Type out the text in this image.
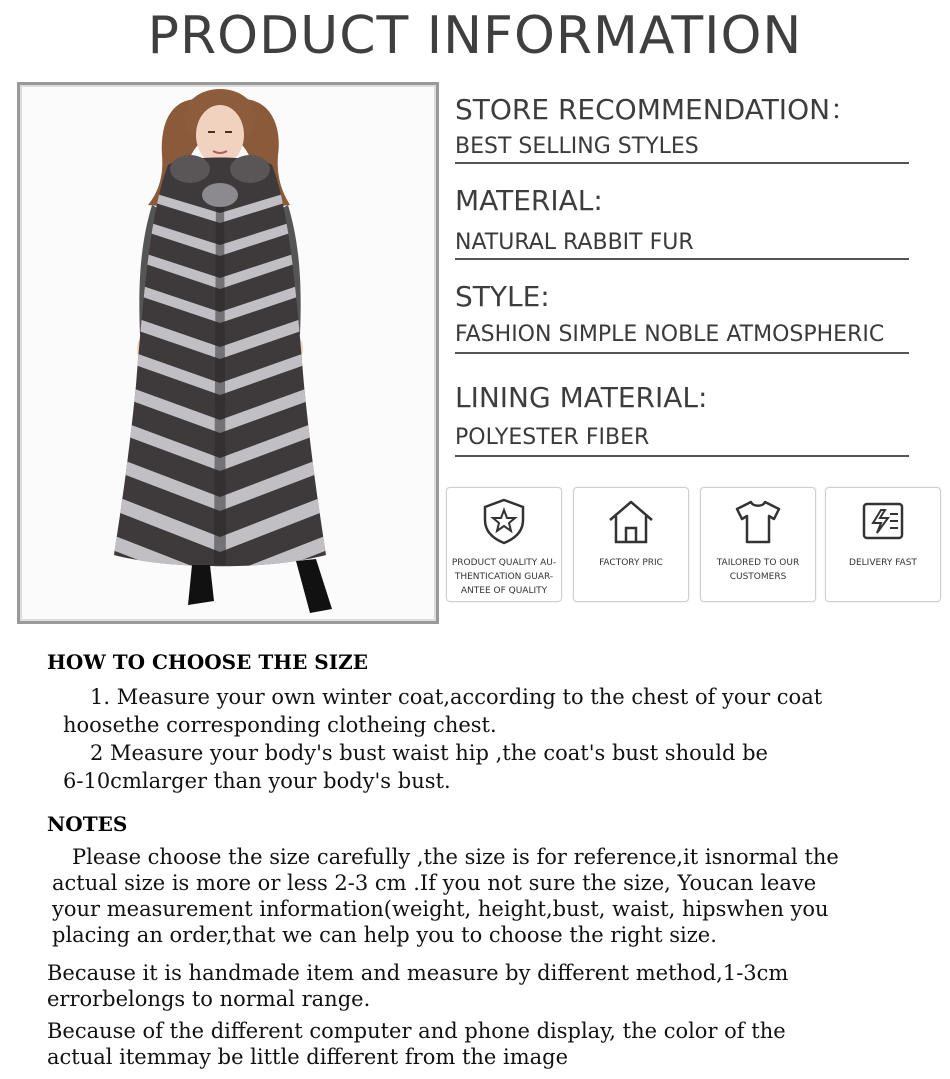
PRODUCT INFORMATION
STORE RECOMMENDATION：
BEST SELLING STYLES
MATERIAL:
NATURAL RABBIT FUR
STYLE:
FASHION SIMPLE NOBLE ATMOSPHERIC
LINING MATERIAL:
POLYESTER FIBER
PRODUCT QUALITY AU-
THENTICATION GUAR-
ANTEE OF QUALITY
FACTORY PRIC	TAILORED TO OUR
CUSTOMERS
DELIVERY FAST
HOW TO CHOOSE THE SIZE
1. Measure your own winter coat,according to the chest of your coat
hoosethe corresponding clotheing chest.
2 Measure your body's bust waist hip ,the coat's bust should be
6-10cmlarger than your body's bust.
NOTES
Please choose the size carefully ,the size is for reference,it isnormal the
actual size is more or less 2-3 cm .If you not sure the size, Youcan leave
your measurement information(weight, height,bust, waist, hipswhen you
placing an order,that we can help you to choose the right size.
Because it is handmade item and measure by different method,1-3cm
errorbelongs to normal range.
Because of the different computer and phone display, the color of the
actual itemmay be little different from the image
